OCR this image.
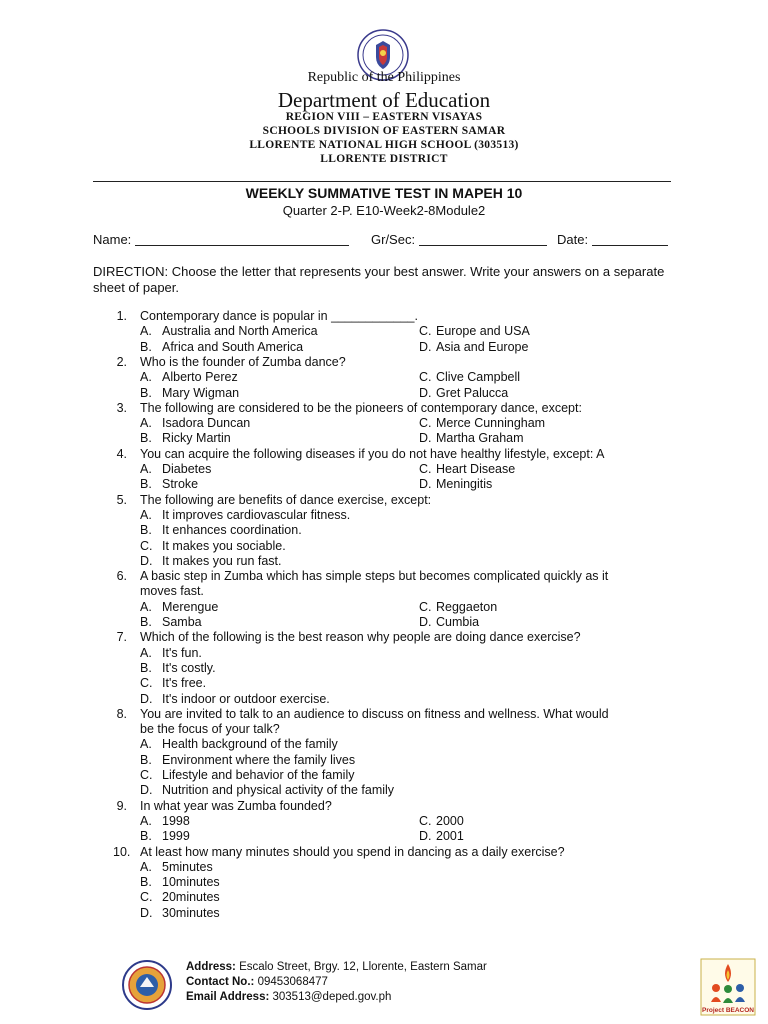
Republic of the Philippines
Department of Education
REGION VIII – EASTERN VISAYAS
SCHOOLS DIVISION OF EASTERN SAMAR
LLORENTE NATIONAL HIGH SCHOOL (303513)
LLORENTE DISTRICT
WEEKLY SUMMATIVE TEST IN MAPEH 10
Quarter 2-P. E10-Week2-8Module2
Name:	Gr/Sec:	Date:
DIRECTION: Choose the letter that represents your best answer. Write your answers on a separate sheet of paper.
1. Contemporary dance is popular in ____________.
A. Australia and North America	C. Europe and USA
B. Africa and South America	D. Asia and Europe
2. Who is the founder of Zumba dance?
A. Alberto Perez	C. Clive Campbell
B. Mary Wigman	D. Gret Palucca
3. The following are considered to be the pioneers of contemporary dance, except:
A. Isadora Duncan	C. Merce Cunningham
B. Ricky Martin	D. Martha Graham
4. You can acquire the following diseases if you do not have healthy lifestyle, except: A
A. Diabetes	C. Heart Disease
B. Stroke	D. Meningitis
5. The following are benefits of dance exercise, except:
A. It improves cardiovascular fitness.
B. It enhances coordination.
C. It makes you sociable.
D. It makes you run fast.
6. A basic step in Zumba which has simple steps but becomes complicated quickly as it
moves fast.
A. Merengue	C. Reggaeton
B. Samba	D. Cumbia
7. Which of the following is the best reason why people are doing dance exercise?
A. It's fun.
B. It's costly.
C. It's free.
D. It's indoor or outdoor exercise.
8. You are invited to talk to an audience to discuss on fitness and wellness. What would
be the focus of your talk?
A. Health background of the family
B. Environment where the family lives
C. Lifestyle and behavior of the family
D. Nutrition and physical activity of the family
9. In what year was Zumba founded?
A. 1998	C. 2000
B. 1999	D. 2001
10. At least how many minutes should you spend in dancing as a daily exercise?
A. 5minutes
B. 10minutes
C. 20minutes
D. 30minutes
Address: Escalo Street, Brgy. 12, Llorente, Eastern Samar
Contact No.: 09453068477
Email Address: 303513@deped.gov.ph
Project BEACON
